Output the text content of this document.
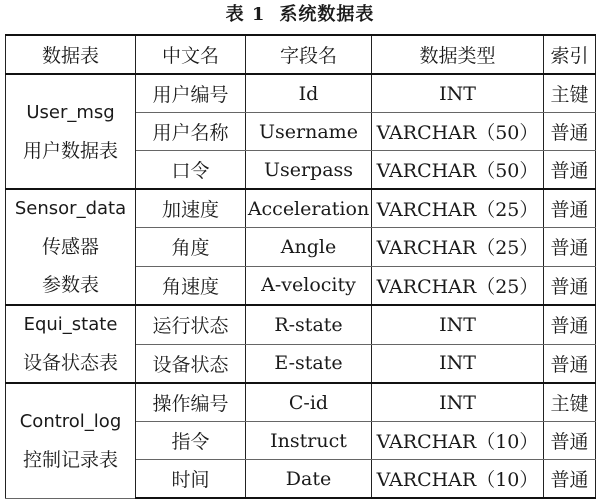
表 1 系统数据表
数据表	中文名	字段名	数据类型	索引

User_msg
用户数据表	用户编号	Id	INT	主键
	用户名称	Username	VARCHAR（50）	普通
	口令	Userpass	VARCHAR（50）	普通

Sensor_data
传感器
参数表	加速度	Acceleration	VARCHAR（25）	普通
	角度	Angle	VARCHAR（25）	普通
	角速度	A-velocity	VARCHAR（25）	普通

Equi_state
设备状态表	运行状态	R-state	INT	普通
	设备状态	E-state	INT	普通

Control_log
控制记录表	操作编号	C-id	INT	主键
	指令	Instruct	VARCHAR（10）	普通
	时间	Date	VARCHAR（10）	普通
